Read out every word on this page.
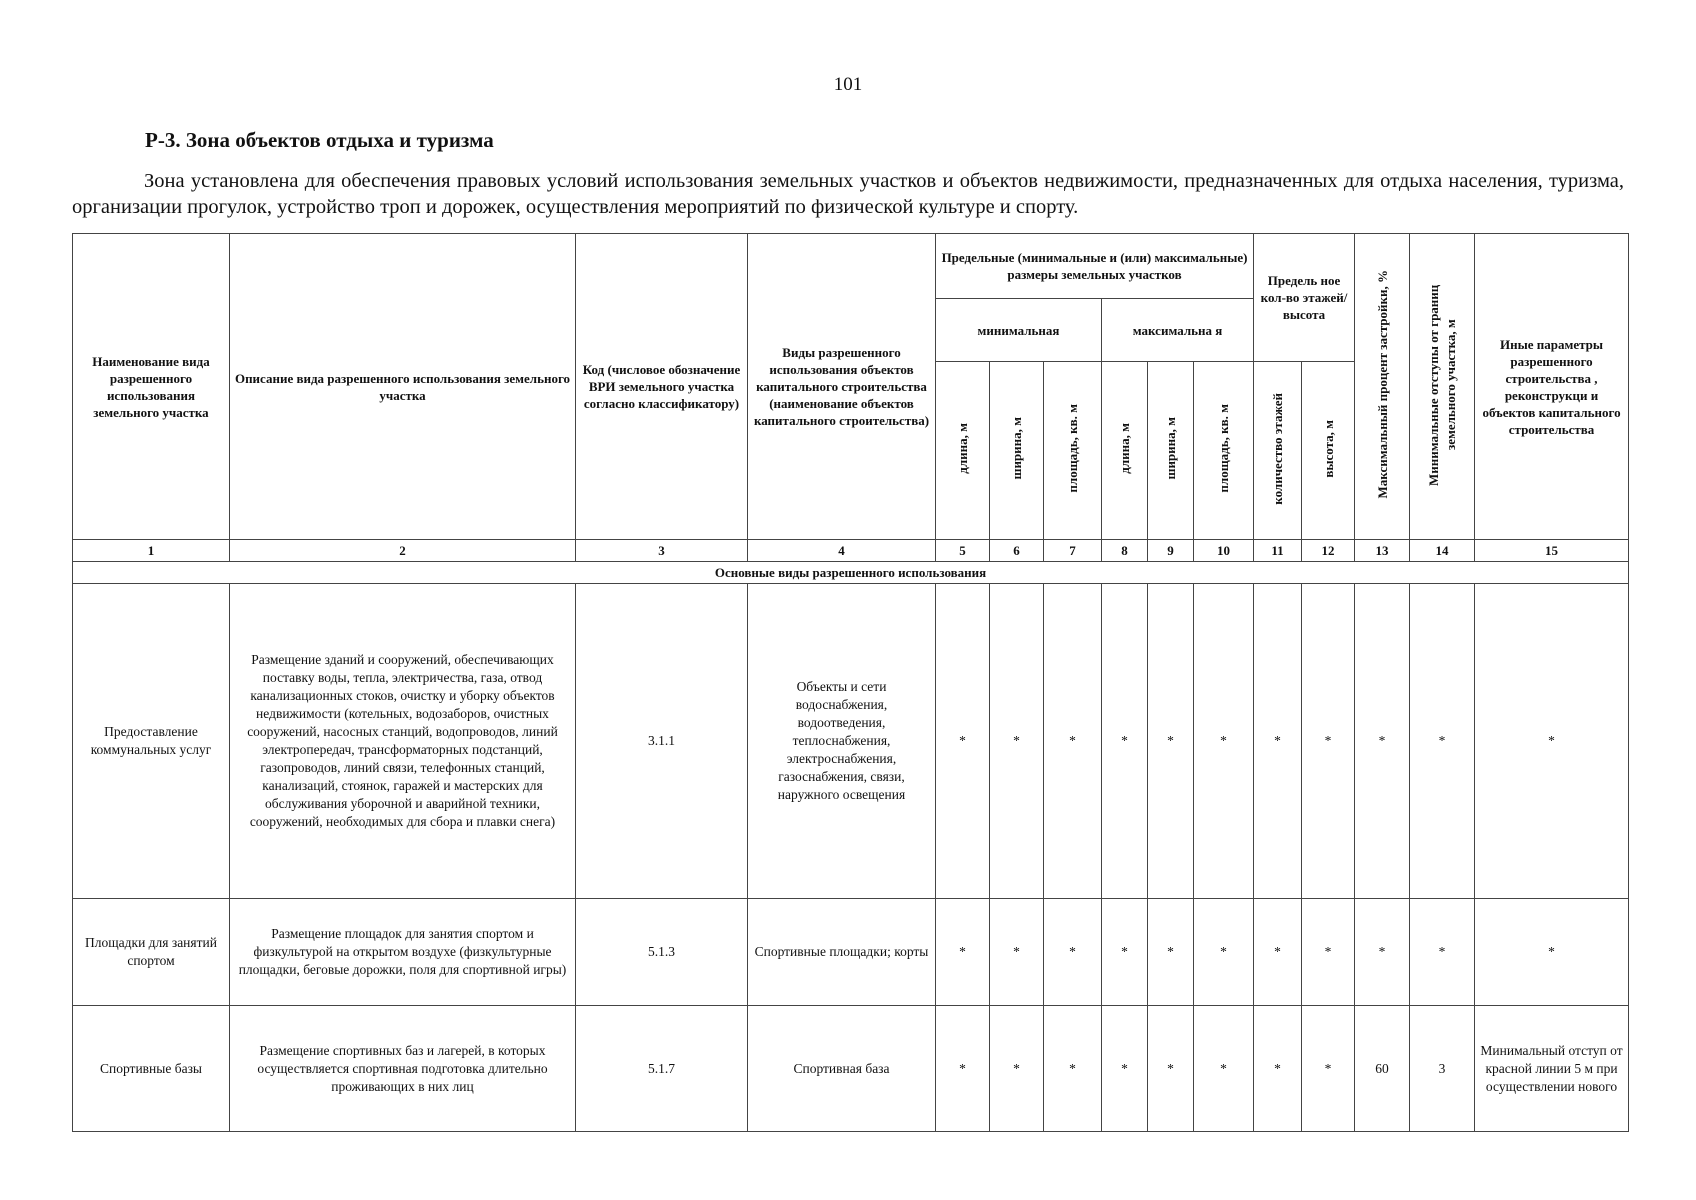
101
Р-3. Зона объектов отдыха и туризма
Зона установлена для обеспечения правовых условий использования земельных участков и объектов недвижимости, предназначенных для отдыха населения, туризма, организации прогулок, устройство троп и дорожек, осуществления мероприятий по физической культуре и спорту.
Наименование вида разрешенного использования земельного участка	Описание вида разрешенного использования земельного участка	Код (числовое обозначение ВРИ земельного участка согласно классификатору)	Виды разрешенного использования объектов капитального строительства (наименование объектов капитального строительства)	Предельные (минимальные и (или) максимальные) размеры земельных участков						Предель ное кол-во этажей/ высота		Максимальный процент застройки, %	Минимальные отступы от границ земельного участка, м	Иные параметры разрешенного строительства , реконструкци и объектов капитального строительства
				минимальная			максимальна я							
				длина, м	ширина, м	площадь, кв. м	длина, м	ширина, м	площадь, кв. м	количество этажей	высота, м			
1	2	3	4	5	6	7	8	9	10	11	12	13	14	15
Основные виды разрешенного использования														
Предоставление коммунальных услуг	Размещение зданий и сооружений, обеспечивающих поставку воды, тепла, электричества, газа, отвод канализационных стоков, очистку и уборку объектов недвижимости (котельных, водозаборов, очистных сооружений, насосных станций, водопроводов, линий электропередач, трансформаторных подстанций, газопроводов, линий связи, телефонных станций, канализаций, стоянок, гаражей и мастерских для обслуживания уборочной и аварийной техники, сооружений, необходимых для сбора и плавки снега)	3.1.1	Объекты и сети водоснабжения, водоотведения, теплоснабжения, электроснабжения, газоснабжения, связи, наружного освещения	*	*	*	*	*	*	*	*	*	*	*
Площадки для занятий спортом	Размещение площадок для занятия спортом и физкультурой на открытом воздухе (физкультурные площадки, беговые дорожки, поля для спортивной игры)	5.1.3	Спортивные площадки; корты	*	*	*	*	*	*	*	*	*	*	*
Спортивные базы	Размещение спортивных баз и лагерей, в которых осуществляется спортивная подготовка длительно проживающих в них лиц	5.1.7	Спортивная база	*	*	*	*	*	*	*	*	60	3	Минимальный отступ от красной линии 5 м при осуществлении нового
